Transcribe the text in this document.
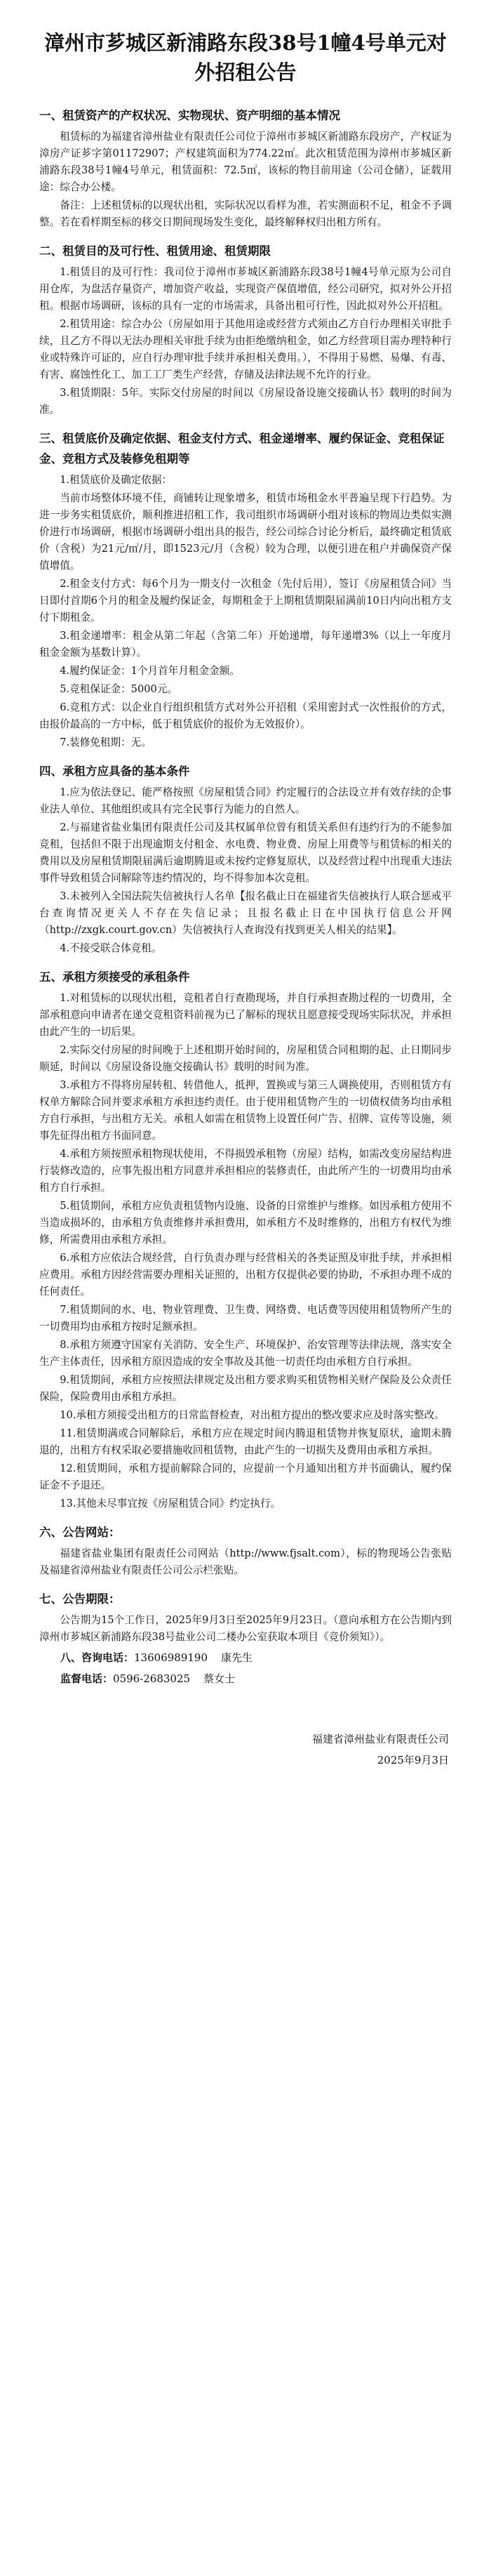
漳州市芗城区新浦路东段38号1幢4号单元对外招租公告
一、租赁资产的产权状况、实物现状、资产明细的基本情况
租赁标的为福建省漳州盐业有限责任公司位于漳州市芗城区新浦路东段房产，产权证为漳房产证芗字第01172907；产权建筑面积为774.22㎡。此次租赁范围为漳州市芗城区新浦路东段38号1幢4号单元，租赁面积：72.5㎡，该标的物目前用途（公司仓储），证载用途：综合办公楼。
备注：上述租赁标的以现状出租，实际状况以看样为准，若实测面积不足，租金不予调整。若在看样期至标的移交日期间现场发生变化，最终解释权归出租方所有。
二、租赁目的及可行性、租赁用途、租赁期限
1.租赁目的及可行性：我司位于漳州市芗城区新浦路东段38号1幢4号单元原为公司自用仓库，为盘活存量资产，增加资产收益，实现资产保值增值，经公司研究，拟对外公开招租。根据市场调研，该标的具有一定的市场需求，具备出租可行性，因此拟对外公开招租。
2.租赁用途：综合办公（房屋如用于其他用途或经营方式须由乙方自行办理相关审批手续，且乙方不得以无法办理相关审批手续为由拒绝缴纳租金，如乙方经营项目需办理特种行业或特殊许可证的，应自行办理审批手续并承担相关费用。），不得用于易燃、易爆、有毒、有害、腐蚀性化工、加工工厂类生产经营，存储及法律法规不允许的行业。
3.租赁期限：5年。实际交付房屋的时间以《房屋设备设施交接确认书》载明的时间为准。
三、租赁底价及确定依据、租金支付方式、租金递增率、履约保证金、竞租保证金、竞租方式及装修免租期等
1.租赁底价及确定依据：
当前市场整体环境不佳，商铺转让现象增多，租赁市场租金水平普遍呈现下行趋势。为进一步务实租赁底价，顺利推进招租工作，我司组织市场调研小组对该标的物周边类似实测价进行市场调研，根据市场调研小组出具的报告，经公司综合讨论分析后，最终确定租赁底价（含税）为21元/㎡/月，即1523元/月（含税）较为合理，以便引进在租户并确保资产保值增值。
2.租金支付方式：每6个月为一期支付一次租金（先付后用），签订《房屋租赁合同》当日即付首期6个月的租金及履约保证金，每期租金于上期租赁期限届满前10日内向出租方支付下期租金。
3.租金递增率：租金从第二年起（含第二年）开始递增，每年递增3%（以上一年度月租金金额为基数计算）。
4.履约保证金：1个月首年月租金金额。
5.竞租保证金：5000元。
6.竞租方式：以企业自行组织租赁方式对外公开招租（采用密封式一次性报价的方式，由报价最高的一方中标，低于租赁底价的报价为无效报价）。
7.装修免租期：无。
四、承租方应具备的基本条件
1.应为依法登记、能严格按照《房屋租赁合同》约定履行的合法设立并有效存续的企事业法人单位、其他组织或具有完全民事行为能力的自然人。
2.与福建省盐业集团有限责任公司及其权属单位曾有租赁关系但有违约行为的不能参加竞租，包括但不限于出现逾期支付租金、水电费、物业费、房屋上用费等与租赁标的相关的费用以及房屋租赁期限届满后逾期腾退或未按约定修复原状，以及经营过程中出现重大违法事件导致租赁合同解除等违约情况的，均不得参加本次竞租。
3.未被列入全国法院失信被执行人名单【报名截止日在福建省失信被执行人联合惩戒平台查询情况更关人不存在失信记录；且报名截止日在中国执行信息公开网（http://zxgk.court.gov.cn）失信被执行人查询没有找到更关人相关的结果】。
4.不接受联合体竞租。
五、承租方须接受的承租条件
1.对租赁标的以现状出租，竞租者自行查勘现场，并自行承担查勘过程的一切费用，全部承租意向申请者在递交竞租资料前视为已了解标的现状且愿意接受现场实际状况，并承担由此产生的一切后果。
2.实际交付房屋的时间晚于上述租期开始时间的，房屋租赁合同租期的起、止日期同步顺延，时间以《房屋设备设施交接确认书》载明的时间为准。
3.承租方不得将房屋转租、转借他人，抵押，置换或与第三人调换使用，否则租赁方有权单方解除合同并要求承租方承担违约责任。由于使用租赁物产生的一切债权债务均由承租方自行承担，与出租方无关。承租人如需在租赁物上设置任何广告、招牌、宣传等设施，须事先征得出租方书面同意。
4.承租方须按照承租物现状使用，不得损毁承租物（房屋）结构，如需改变房屋结构进行装修改造的，应事先报出租方同意并承担相应的装修责任，由此所产生的一切费用均由承租方自行承担。
5.租赁期间，承租方应负责租赁物内设施、设备的日常维护与维修。如因承租方使用不当造成损坏的，由承租方负责维修并承担费用，如承租方不及时维修的，出租方有权代为维修，所需费用由承租方承担。
6.承租方应依法合规经营，自行负责办理与经营相关的各类证照及审批手续，并承担相应费用。承租方因经营需要办理相关证照的，出租方仅提供必要的协助，不承担办理不成的任何责任。
7.租赁期间的水、电、物业管理费、卫生费、网络费、电话费等因使用租赁物所产生的一切费用均由承租方按时足额承担。
8.承租方须遵守国家有关消防、安全生产、环境保护、治安管理等法律法规，落实安全生产主体责任，因承租方原因造成的安全事故及其他一切责任均由承租方自行承担。
9.租赁期间，承租方应按照法律规定及出租方要求购买租赁物相关财产保险及公众责任保险，保险费用由承租方承担。
10.承租方须接受出租方的日常监督检查，对出租方提出的整改要求应及时落实整改。
11.租赁期满或合同解除后，承租方应在规定时间内腾退租赁物并恢复原状，逾期未腾退的，出租方有权采取必要措施收回租赁物，由此产生的一切损失及费用由承租方承担。
12.租赁期间，承租方提前解除合同的，应提前一个月通知出租方并书面确认，履约保证金不予退还。
13.其他未尽事宜按《房屋租赁合同》约定执行。
六、公告网站：
福建省盐业集团有限责任公司网站（http://www.fjsalt.com），标的物现场公告张贴及福建省漳州盐业有限责任公司公示栏张贴。
七、公告期限：
公告期为15个工作日，2025年9月3日至2025年9月23日。（意向承租方在公告期内到漳州市芗城区新浦路东段38号盐业公司二楼办公室获取本项目《竞价须知》）。
八、咨询电话：13606989190 康先生
监督电话：0596-2683025 蔡女士
福建省漳州盐业有限责任公司
2025年9月3日
